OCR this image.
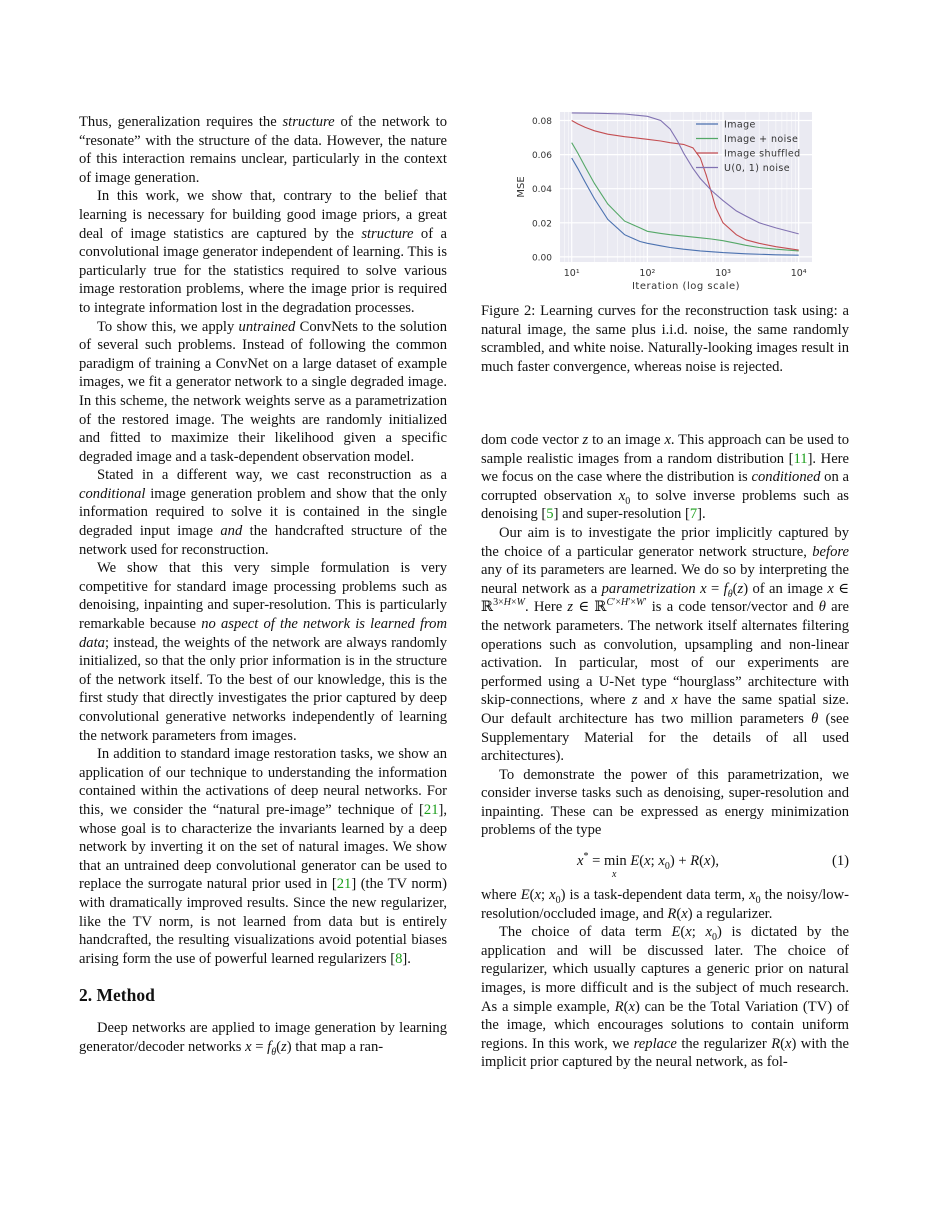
0.00
0.02
0.04
0.06
0.08
10¹	10²	10³	10⁴
Iteration (log scale)
MSE
Image
Image + noise
Image shuffled
U(0, 1) noise

Thus, generalization requires the structure of the network to “resonate” with the structure of the data. However, the nature of this interaction remains unclear, particularly in the context of image generation.

In this work, we show that, contrary to the belief that learning is necessary for building good image priors, a great deal of image statistics are captured by the structure of a convolutional image generator independent of learning. This is particularly true for the statistics required to solve various image restoration problems, where the image prior is required to integrate information lost in the degradation processes.

To show this, we apply untrained ConvNets to the solution of several such problems. Instead of following the common paradigm of training a ConvNet on a large dataset of example images, we fit a generator network to a single degraded image. In this scheme, the network weights serve as a parametrization of the restored image. The weights are randomly initialized and fitted to maximize their likelihood given a specific degraded image and a task-dependent observation model.

Stated in a different way, we cast reconstruction as a conditional image generation problem and show that the only information required to solve it is contained in the single degraded input image and the handcrafted structure of the network used for reconstruction.

We show that this very simple formulation is very competitive for standard image processing problems such as denoising, inpainting and super-resolution. This is particularly remarkable because no aspect of the network is learned from data; instead, the weights of the network are always randomly initialized, so that the only prior information is in the structure of the network itself. To the best of our knowledge, this is the first study that directly investigates the prior captured by deep convolutional generative networks independently of learning the network parameters from images.

In addition to standard image restoration tasks, we show an application of our technique to understanding the information contained within the activations of deep neural networks. For this, we consider the “natural pre-image” technique of [21], whose goal is to characterize the invariants learned by a deep network by inverting it on the set of natural images. We show that an untrained deep convolutional generator can be used to replace the surrogate natural prior used in [21] (the TV norm) with dramatically improved results. Since the new regularizer, like the TV norm, is not learned from data but is entirely handcrafted, the resulting visualizations avoid potential biases arising form the use of powerful learned regularizers [8].

2. Method

Deep networks are applied to image generation by learning generator/decoder networks $x = f_\theta(z)$ that map a ran-

Figure 2: Learning curves for the reconstruction task using: a natural image, the same plus i.i.d. noise, the same randomly scrambled, and white noise. Naturally-looking images result in much faster convergence, whereas noise is rejected.

dom code vector z to an image x. This approach can be used to sample realistic images from a random distribution [11]. Here we focus on the case where the distribution is conditioned on a corrupted observation $x_0$ to solve inverse problems such as denoising [5] and super-resolution [7].

Our aim is to investigate the prior implicitly captured by the choice of a particular generator network structure, before any of its parameters are learned. We do so by interpreting the neural network as a parametrization $x = f_\theta(z)$ of an image x ∈ ℝ$^{3\times H\times W}$. Here z ∈ ℝ$^{C'\times H'\times W'}$ is a code tensor/vector and θ are the network parameters. The network itself alternates filtering operations such as convolution, upsampling and non-linear activation. In particular, most of our experiments are performed using a U-Net type “hourglass” architecture with skip-connections, where z and x have the same spatial size. Our default architecture has two million parameters θ (see Supplementary Material for the details of all used architectures).

To demonstrate the power of this parametrization, we consider inverse tasks such as denoising, super-resolution and inpainting. These can be expressed as energy minimization problems of the type

x* = min
x
E(x; $x_0) + R(x)$,	(1)

where E(x; $x_0$) is a task-dependent data term, $x_0$ the noisy/low-resolution/occluded image, and R(x) a regularizer.

The choice of data term E(x; $x_0$) is dictated by the application and will be discussed later. The choice of regularizer, which usually captures a generic prior on natural images, is more difficult and is the subject of much research. As a simple example, R(x) can be the Total Variation (TV) of the image, which encourages solutions to contain uniform regions. In this work, we replace the regularizer R(x) with the implicit prior captured by the neural network, as fol-
